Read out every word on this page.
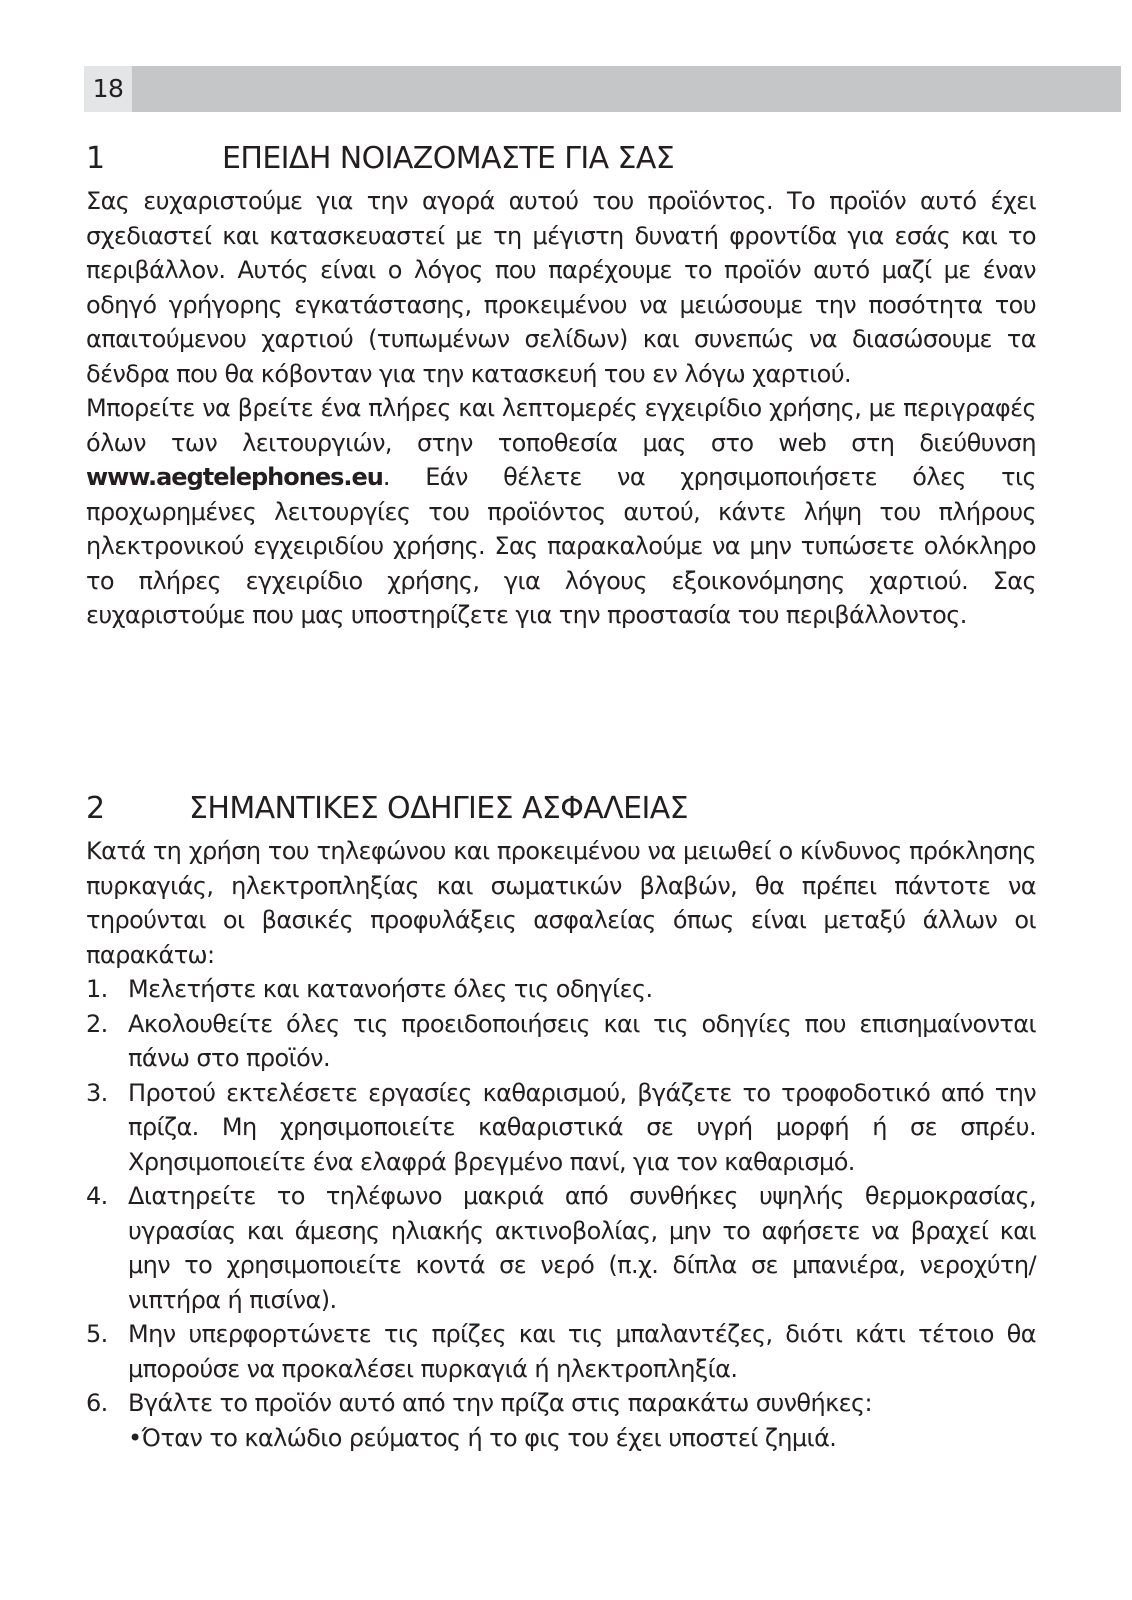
18
1	ΕΠΕΙΔΗ ΝΟΙΑΖΟΜΑΣΤΕ ΓΙΑ ΣΑΣ

Σας ευχαριστούμε για την αγορά αυτού του προϊόντος. Το προϊόν αυτό έχει σχεδιαστεί και κατασκευαστεί με τη μέγιστη δυνατή φροντίδα για εσάς και το περιβάλλον. Αυτός είναι ο λόγος που παρέχουμε το προϊόν αυτό μαζί με έναν οδηγό γρήγορης εγκατάστασης, προκειμένου να μειώσουμε την ποσότητα του απαιτούμενου χαρτιού (τυπωμένων σελίδων) και συνεπώς να διασώσουμε τα δένδρα που θα κόβονταν για την κατασκευή του εν λόγω χαρτιού.

Μπορείτε να βρείτε ένα πλήρες και λεπτομερές εγχειρίδιο χρήσης, με περιγραφές όλων των λειτουργιών, στην τοποθεσία μας στο web στη διεύθυνση www.aegtelephones.eu. Εάν θέλετε να χρησιμοποιήσετε όλες τις προχωρημένες λειτουργίες του προϊόντος αυτού, κάντε λήψη του πλήρους ηλεκτρονικού εγχειριδίου χρήσης. Σας παρακαλούμε να μην τυπώσετε ολόκληρο το πλήρες εγχειρίδιο χρήσης, για λόγους εξοικονόμησης χαρτιού. Σας ευχαριστούμε που μας υποστηρίζετε για την προστασία του περιβάλλοντος.

2	ΣΗΜΑΝΤΙΚΕΣ ΟΔΗΓΙΕΣ ΑΣΦΑΛΕΙΑΣ

Κατά τη χρήση του τηλεφώνου και προκειμένου να μειωθεί ο κίνδυνος πρόκλησης πυρκαγιάς, ηλεκτροπληξίας και σωματικών βλαβών, θα πρέπει πάντοτε να τηρούνται οι βασικές προφυλάξεις ασφαλείας όπως είναι μεταξύ άλλων οι παρακάτω:

1. Μελετήστε και κατανοήστε όλες τις οδηγίες.
2. Ακολουθείτε όλες τις προειδοποιήσεις και τις οδηγίες που επισημαίνονται πάνω στο προϊόν.
3. Προτού εκτελέσετε εργασίες καθαρισμού, βγάζετε το τροφοδοτικό από την πρίζα. Μη χρησιμοποιείτε καθαριστικά σε υγρή μορφή ή σε σπρέυ. Χρησιμοποιείτε ένα ελαφρά βρεγμένο πανί, για τον καθαρισμό.
4. Διατηρείτε το τηλέφωνο μακριά από συνθήκες υψηλής θερμοκρασίας, υγρασίας και άμεσης ηλιακής ακτινοβολίας, μην το αφήσετε να βραχεί και μην το χρησιμοποιείτε κοντά σε νερό (π.χ. δίπλα σε μπανιέρα, νεροχύτη/νιπτήρα ή πισίνα).
5. Μην υπερφορτώνετε τις πρίζες και τις μπαλαντέζες, διότι κάτι τέτοιο θα μπορούσε να προκαλέσει πυρκαγιά ή ηλεκτροπληξία.
6. Βγάλτε το προϊόν αυτό από την πρίζα στις παρακάτω συνθήκες:
•Όταν το καλώδιο ρεύματος ή το φις του έχει υποστεί ζημιά.
